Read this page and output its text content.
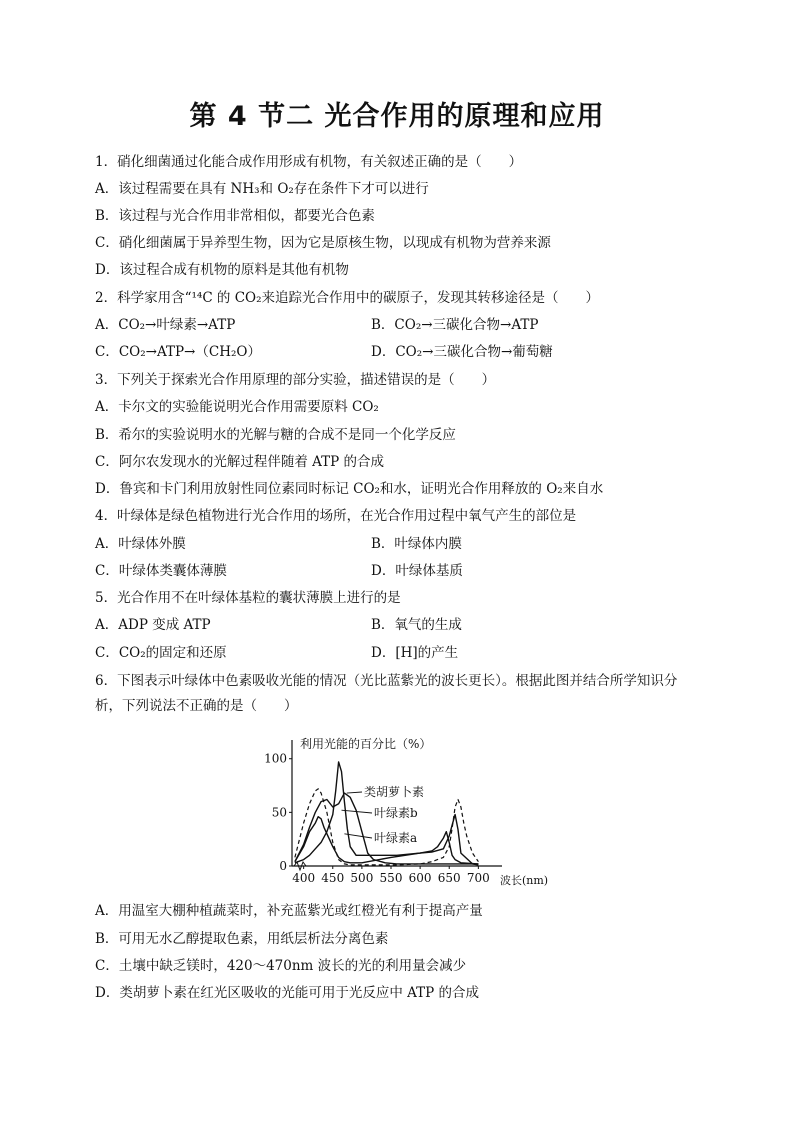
第 4 节二 光合作用的原理和应用
1．硝化细菌通过化能合成作用形成有机物，有关叙述正确的是（　　）
A．该过程需要在具有 NH₃和 O₂存在条件下才可以进行
B．该过程与光合作用非常相似，都要光合色素
C．硝化细菌属于异养型生物，因为它是原核生物，以现成有机物为营养来源
D．该过程合成有机物的原料是其他有机物
2．科学家用含“¹⁴C 的 CO₂来追踪光合作用中的碳原子，发现其转移途径是（　　）
A．CO₂→叶绿素→ATP	B．CO₂→三碳化合物→ATP
C．CO₂→ATP→（CH₂O）	D．CO₂→三碳化合物→葡萄糖
3．下列关于探索光合作用原理的部分实验，描述错误的是（　　）
A．卡尔文的实验能说明光合作用需要原料 CO₂
B．希尔的实验说明水的光解与糖的合成不是同一个化学反应
C．阿尔农发现水的光解过程伴随着 ATP 的合成
D．鲁宾和卡门利用放射性同位素同时标记 CO₂和水，证明光合作用释放的 O₂来自水
4．叶绿体是绿色植物进行光合作用的场所，在光合作用过程中氧气产生的部位是
A．叶绿体外膜	B．叶绿体内膜
C．叶绿体类囊体薄膜	D．叶绿体基质
5．光合作用不在叶绿体基粒的囊状薄膜上进行的是
A．ADP 变成 ATP	B．氧气的生成
C．CO₂的固定和还原	D．[H]的产生
6．下图表示叶绿体中色素吸收光能的情况（光比蓝紫光的波长更长）。根据此图并结合所学知识分
析，下列说法不正确的是（　　）
0
50
100
400 450 500 550 600 650 700
利用光能的百分比（%）
波长(nm)
类胡萝卜素
叶绿素b
叶绿素a
A．用温室大棚种植蔬菜时，补充蓝紫光或红橙光有利于提高产量
B．可用无水乙醇提取色素，用纸层析法分离色素
C．土壤中缺乏镁时，420～470nm 波长的光的利用量会减少
D．类胡萝卜素在红光区吸收的光能可用于光反应中 ATP 的合成
